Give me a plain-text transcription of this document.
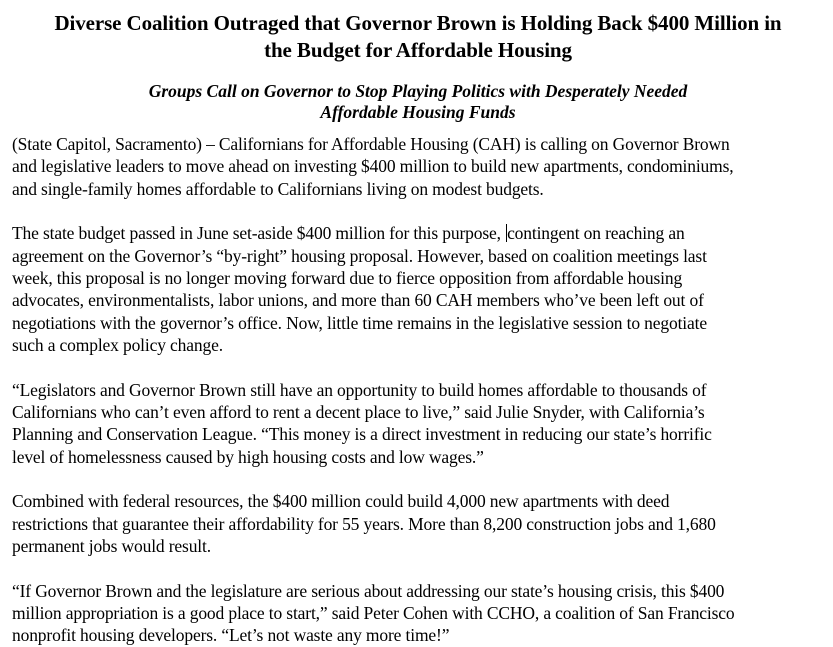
Diverse Coalition Outraged that Governor Brown is Holding Back $400 Million in
the Budget for Affordable Housing
Groups Call on Governor to Stop Playing Politics with Desperately Needed
Affordable Housing Funds

(State Capitol, Sacramento) – Californians for Affordable Housing (CAH) is calling on Governor Brown
and legislative leaders to move ahead on investing $400 million to build new apartments, condominiums,
and single-family homes affordable to Californians living on modest budgets.

The state budget passed in June set-aside $400 million for this purpose, contingent on reaching an
agreement on the Governor’s “by-right” housing proposal. However, based on coalition meetings last
week, this proposal is no longer moving forward due to fierce opposition from affordable housing
advocates, environmentalists, labor unions, and more than 60 CAH members who’ve been left out of
negotiations with the governor’s office. Now, little time remains in the legislative session to negotiate
such a complex policy change.

“Legislators and Governor Brown still have an opportunity to build homes affordable to thousands of
Californians who can’t even afford to rent a decent place to live,” said Julie Snyder, with California’s
Planning and Conservation League. “This money is a direct investment in reducing our state’s horrific
level of homelessness caused by high housing costs and low wages.”

Combined with federal resources, the $400 million could build 4,000 new apartments with deed
restrictions that guarantee their affordability for 55 years. More than 8,200 construction jobs and 1,680
permanent jobs would result.

“If Governor Brown and the legislature are serious about addressing our state’s housing crisis, this $400
million appropriation is a good place to start,” said Peter Cohen with CCHO, a coalition of San Francisco
nonprofit housing developers. “Let’s not waste any more time!”
